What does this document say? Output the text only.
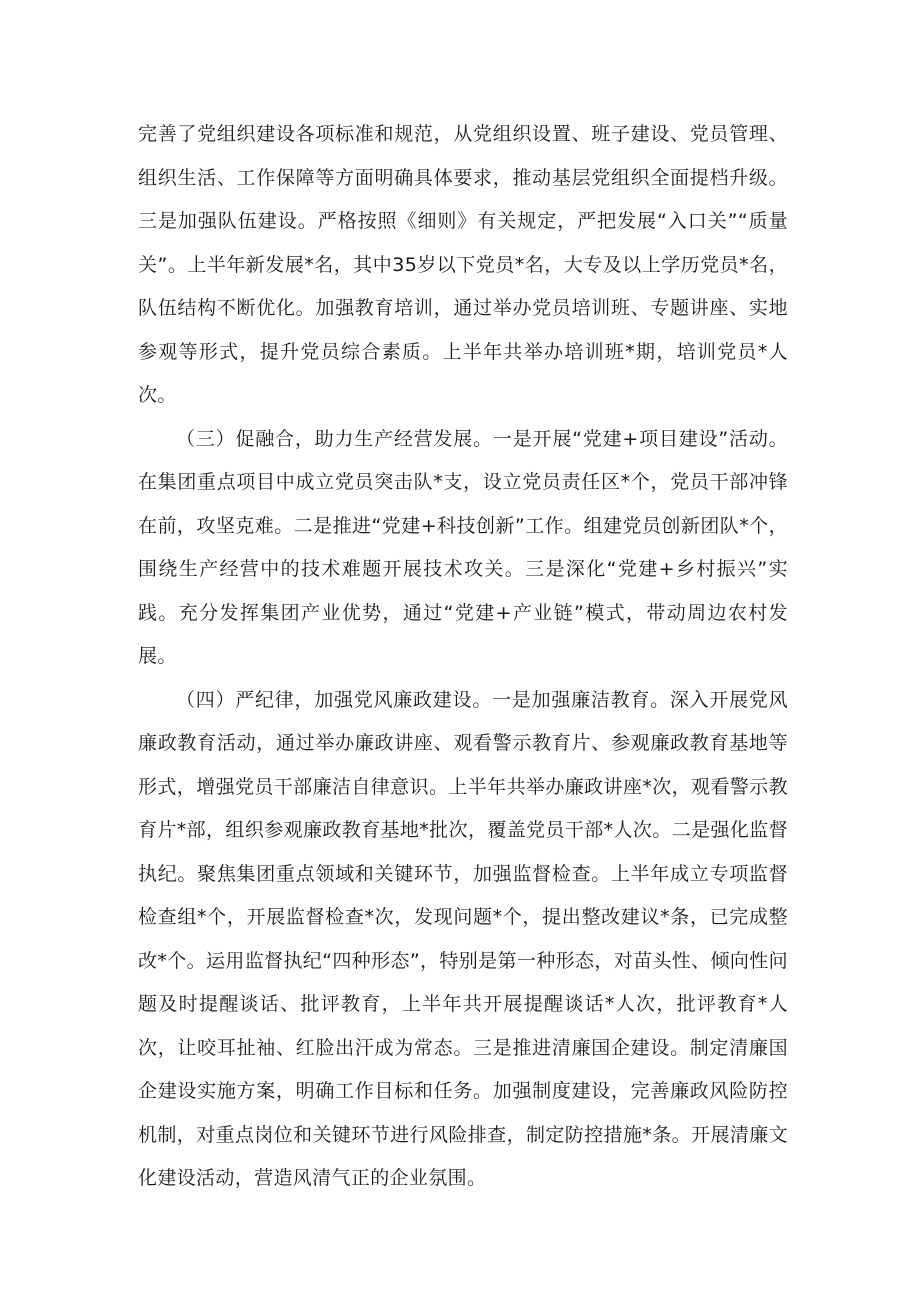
完善了党组织建设各项标准和规范，从党组织设置、班子建设、党员管理、组织生活、工作保障等方面明确具体要求，推动基层党组织全面提档升级。三是加强队伍建设。严格按照《细则》有关规定，严把发展“入口关”“质量关”。上半年新发展*名，其中35岁以下党员*名，大专及以上学历党员*名，队伍结构不断优化。加强教育培训，通过举办党员培训班、专题讲座、实地参观等形式，提升党员综合素质。上半年共举办培训班*期，培训党员*人次。

（三）促融合，助力生产经营发展。一是开展“党建+项目建设”活动。在集团重点项目中成立党员突击队*支，设立党员责任区*个，党员干部冲锋在前，攻坚克难。二是推进“党建+科技创新”工作。组建党员创新团队*个，围绕生产经营中的技术难题开展技术攻关。三是深化“党建+乡村振兴”实践。充分发挥集团产业优势，通过“党建+产业链”模式，带动周边农村发展。

（四）严纪律，加强党风廉政建设。一是加强廉洁教育。深入开展党风廉政教育活动，通过举办廉政讲座、观看警示教育片、参观廉政教育基地等形式，增强党员干部廉洁自律意识。上半年共举办廉政讲座*次，观看警示教育片*部，组织参观廉政教育基地*批次，覆盖党员干部*人次。二是强化监督执纪。聚焦集团重点领域和关键环节，加强监督检查。上半年成立专项监督检查组*个，开展监督检查*次，发现问题*个，提出整改建议*条，已完成整改*个。运用监督执纪“四种形态”，特别是第一种形态，对苗头性、倾向性问题及时提醒谈话、批评教育，上半年共开展提醒谈话*人次，批评教育*人次，让咬耳扯袖、红脸出汗成为常态。三是推进清廉国企建设。制定清廉国企建设实施方案，明确工作目标和任务。加强制度建设，完善廉政风险防控机制，对重点岗位和关键环节进行风险排查，制定防控措施*条。开展清廉文化建设活动，营造风清气正的企业氛围。
